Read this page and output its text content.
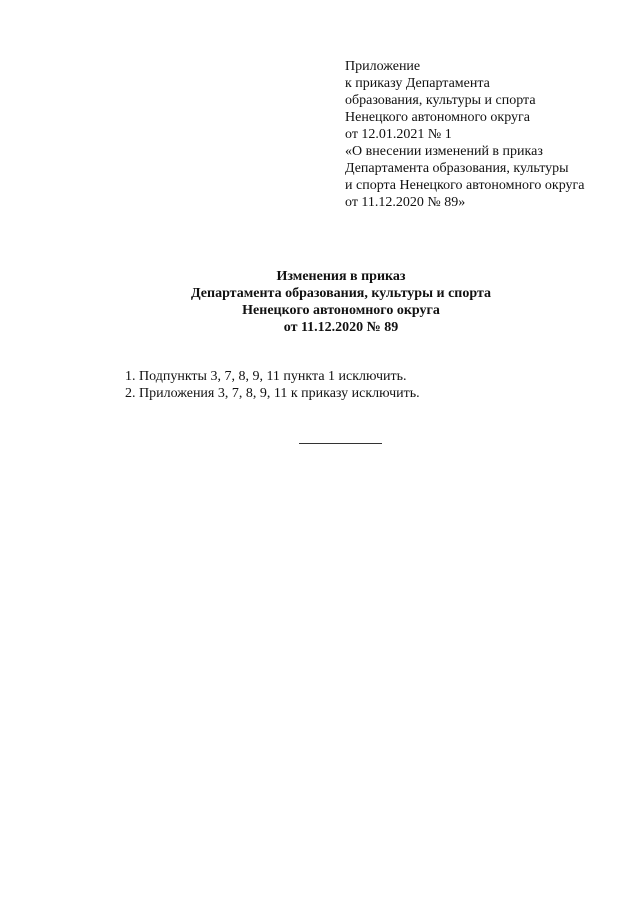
Приложение
к приказу Департамента
образования, культуры и спорта
Ненецкого автономного округа
от 12.01.2021 № 1
«О внесении изменений в приказ
Департамента образования, культуры
и спорта Ненецкого автономного округа
от 11.12.2020 № 89»
Изменения в приказ
Департамента образования, культуры и спорта
Ненецкого автономного округа
от 11.12.2020 № 89
1. Подпункты 3, 7, 8, 9, 11 пункта 1 исключить.
2. Приложения 3, 7, 8, 9, 11 к приказу исключить.
